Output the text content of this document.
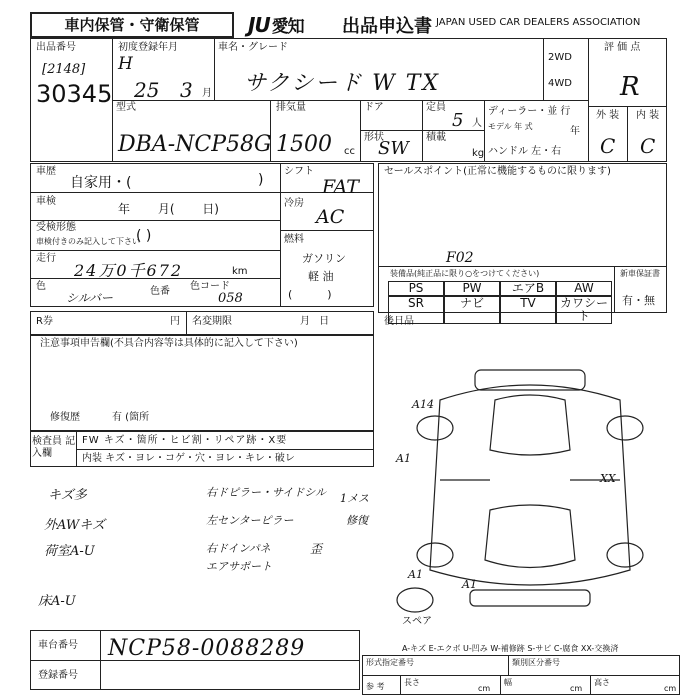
車内保管・守衛保管	JU 愛知 出品申込書 JAPAN USED CAR DEALERS ASSOCIATION
出品番号
[2148]
30345
初度登録年月
H
25 3 月
車名・グレード
サクシード W TX
2WD
4WD
評 価 点
R
外 装 内 装
C C
型式
DBA-NCP58G
排気量
1500 cc
ドア
形状
SW
定員
5 人
積載
kg
ディーラー・並 行
モデル 年 式	年
ハンドル 左・右
車歴
自家用・(	)
車検
年 月( 日)
受検形態
車検付きのみ記入して下さい
( )
走行
24万0千672	km
色
シルバー	色番 色コード
058
シフト
FAT
冷房
AC
燃料
ガソリン
軽 油
(          )
セールスポイント(正常に機能するものに限ります)
F02
装備品(純正品に限り○をつけてください)	新車保証書
有・無
PS	PW	エアB	AW
SR	ナビ	TV	カワシート
R券	円 名変期限	月 日	後日品
注意事項申告欄(不具合内容等は具体的に記入して下さい)
修復歴	有 (箇所
検査員 記入欄
FW キズ・箇所・ヒビ割・リペア跡・X要
内装 キズ・ヨレ・コゲ・穴・ヨレ・キレ・破レ
キズ多
外AWキズ
荷室A-U
床A-U
右ドピラー・サイドシル
左センターピラー
右ドインパネ
エアサポート
1メス
修復
歪
A14
A1
XX
A1
A1
スペア
A-キズ E-エクボ U-凹み W-補修跡 S-サビ C-腐食 XX-交換済
車台番号 NCP58-0088289
登録番号
形式指定番号	類別区分番号
参 考 長さ
cm
幅
cm
高さ
cm
